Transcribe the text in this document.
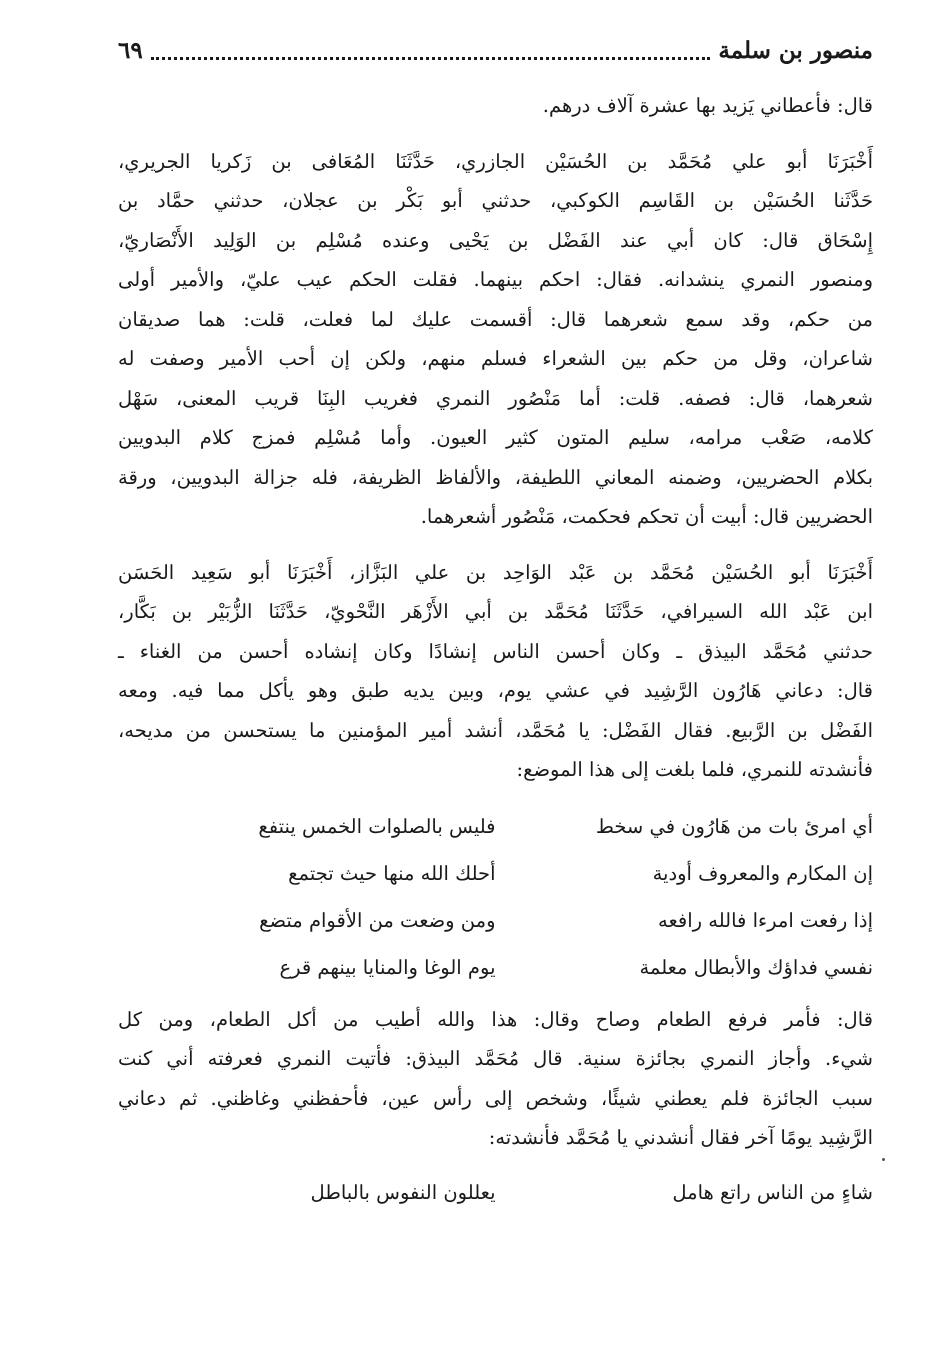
منصور بن سلمة
٦٩

قال: فأعطاني يَزيد بها عشرة آلاف درهم.

أَخْبَرَنَا أبو علي مُحَمَّد بن الحُسَيْن الجازري، حَدَّثَنَا المُعَافى بن زَكريا الجريري،
حَدَّثَنا الحُسَيْن بن القَاسِم الكوكبي، حدثني أبو بَكْر بن عجلان، حدثني حمَّاد بن
إِسْحَاق قال: كان أبي عند الفَضْل بن يَحْيى وعنده مُسْلِم بن الوَلِيد الأَنْصَاريّ،
ومنصور النمري ينشدانه. فقال: احكم بينهما. فقلت الحكم عيب عليّ، والأمير أولى
من حكم، وقد سمع شعرهما قال: أقسمت عليك لما فعلت، قلت: هما صديقان
شاعران، وقل من حكم بين الشعراء فسلم منهم، ولكن إن أحب الأمير وصفت له
شعرهما، قال: فصفه. قلت: أما مَنْصُور النمري فغريب البِنَا قريب المعنى، سَهْل
كلامه، صَعْب مرامه، سليم المتون كثير العيون. وأما مُسْلِم فمزج كلام البدويين
بكلام الحضريين، وضمنه المعاني اللطيفة، والألفاظ الظريفة، فله جزالة البدويين، ورقة
الحضريين قال: أبيت أن تحكم فحكمت، مَنْصُور أشعرهما.

أَخْبَرَنَا أبو الحُسَيْن مُحَمَّد بن عَبْد الوَاحِد بن علي البَزَّاز، أَخْبَرَنَا أبو سَعِيد الحَسَن
ابن عَبْد الله السيرافي، حَدَّثَنَا مُحَمَّد بن أبي الأَزْهَر النَّحْويّ، حَدَّثَنَا الزُّبَيْر بن بَكَّار،
حدثني مُحَمَّد البيذق ـ وكان أحسن الناس إنشادًا وكان إنشاده أحسن من الغناء ـ
قال: دعاني هَارُون الرَّشِيد في عشي يوم، وبين يديه طبق وهو يأكل مما فيه. ومعه
الفَضْل بن الرَّبيع. فقال الفَضْل: يا مُحَمَّد، أنشد أمير المؤمنين ما يستحسن من مديحه،
فأنشدته للنمري، فلما بلغت إلى هذا الموضع:

أي امرئ بات من هَارُون في سخط
فليس بالصلوات الخمس ينتفع
إن المكارم والمعروف أودية
أحلك الله منها حيث تجتمع
إذا رفعت امرءا فالله رافعه
ومن وضعت من الأقوام متضع
نفسي فداؤك والأبطال معلمة
يوم الوغا والمنايا بينهم قرع

قال: فأمر فرفع الطعام وصاح وقال: هذا والله أطيب من أكل الطعام، ومن كل
شيء. وأجاز النمري بجائزة سنية. قال مُحَمَّد البيذق: فأتيت النمري فعرفته أني كنت
سبب الجائزة فلم يعطني شيئًا، وشخص إلى رأس عين، فأحفظني وغاظني. ثم دعاني
الرَّشِيد يومًا آخر فقال أنشدني يا مُحَمَّد فأنشدته:

شاءٍ من الناس راتع هامل
يعللون النفوس بالباطل
